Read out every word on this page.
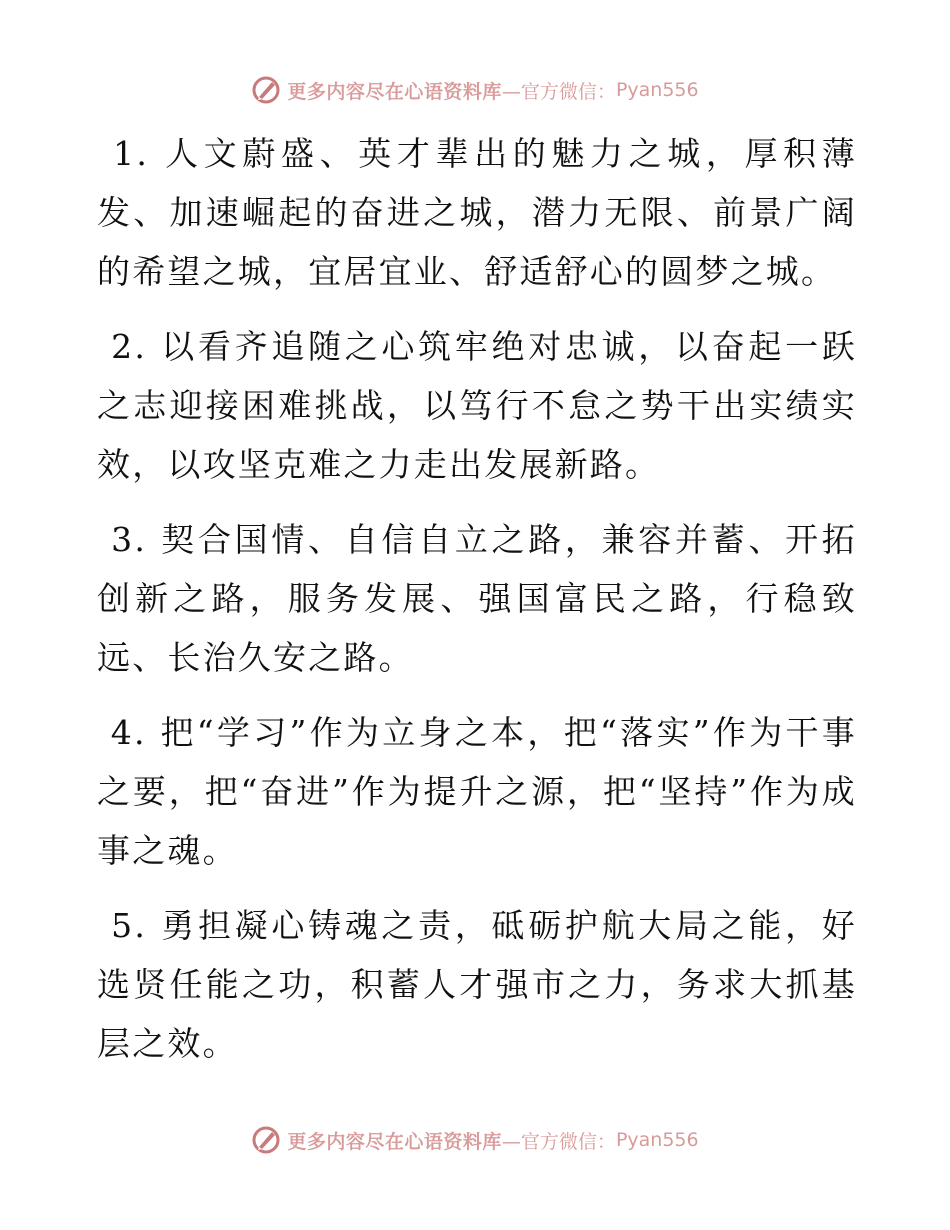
更多内容尽在心语资料库 —官方微信： Pyan556

1. 人文蔚盛、英才辈出的魅力之城，厚积薄发、加速崛起的奋进之城，潜力无限、前景广阔的希望之城，宜居宜业、舒适舒心的圆梦之城。

2. 以看齐追随之心筑牢绝对忠诚，以奋起一跃之志迎接困难挑战，以笃行不怠之势干出实绩实效，以攻坚克难之力走出发展新路。

3. 契合国情、自信自立之路，兼容并蓄、开拓创新之路，服务发展、强国富民之路，行稳致远、长治久安之路。

4. 把“学习”作为立身之本，把“落实”作为干事之要，把“奋进”作为提升之源，把“坚持”作为成事之魂。

5. 勇担凝心铸魂之责，砥砺护航大局之能，好选贤任能之功，积蓄人才强市之力，务求大抓基层之效。

更多内容尽在心语资料库 —官方微信： Pyan556
